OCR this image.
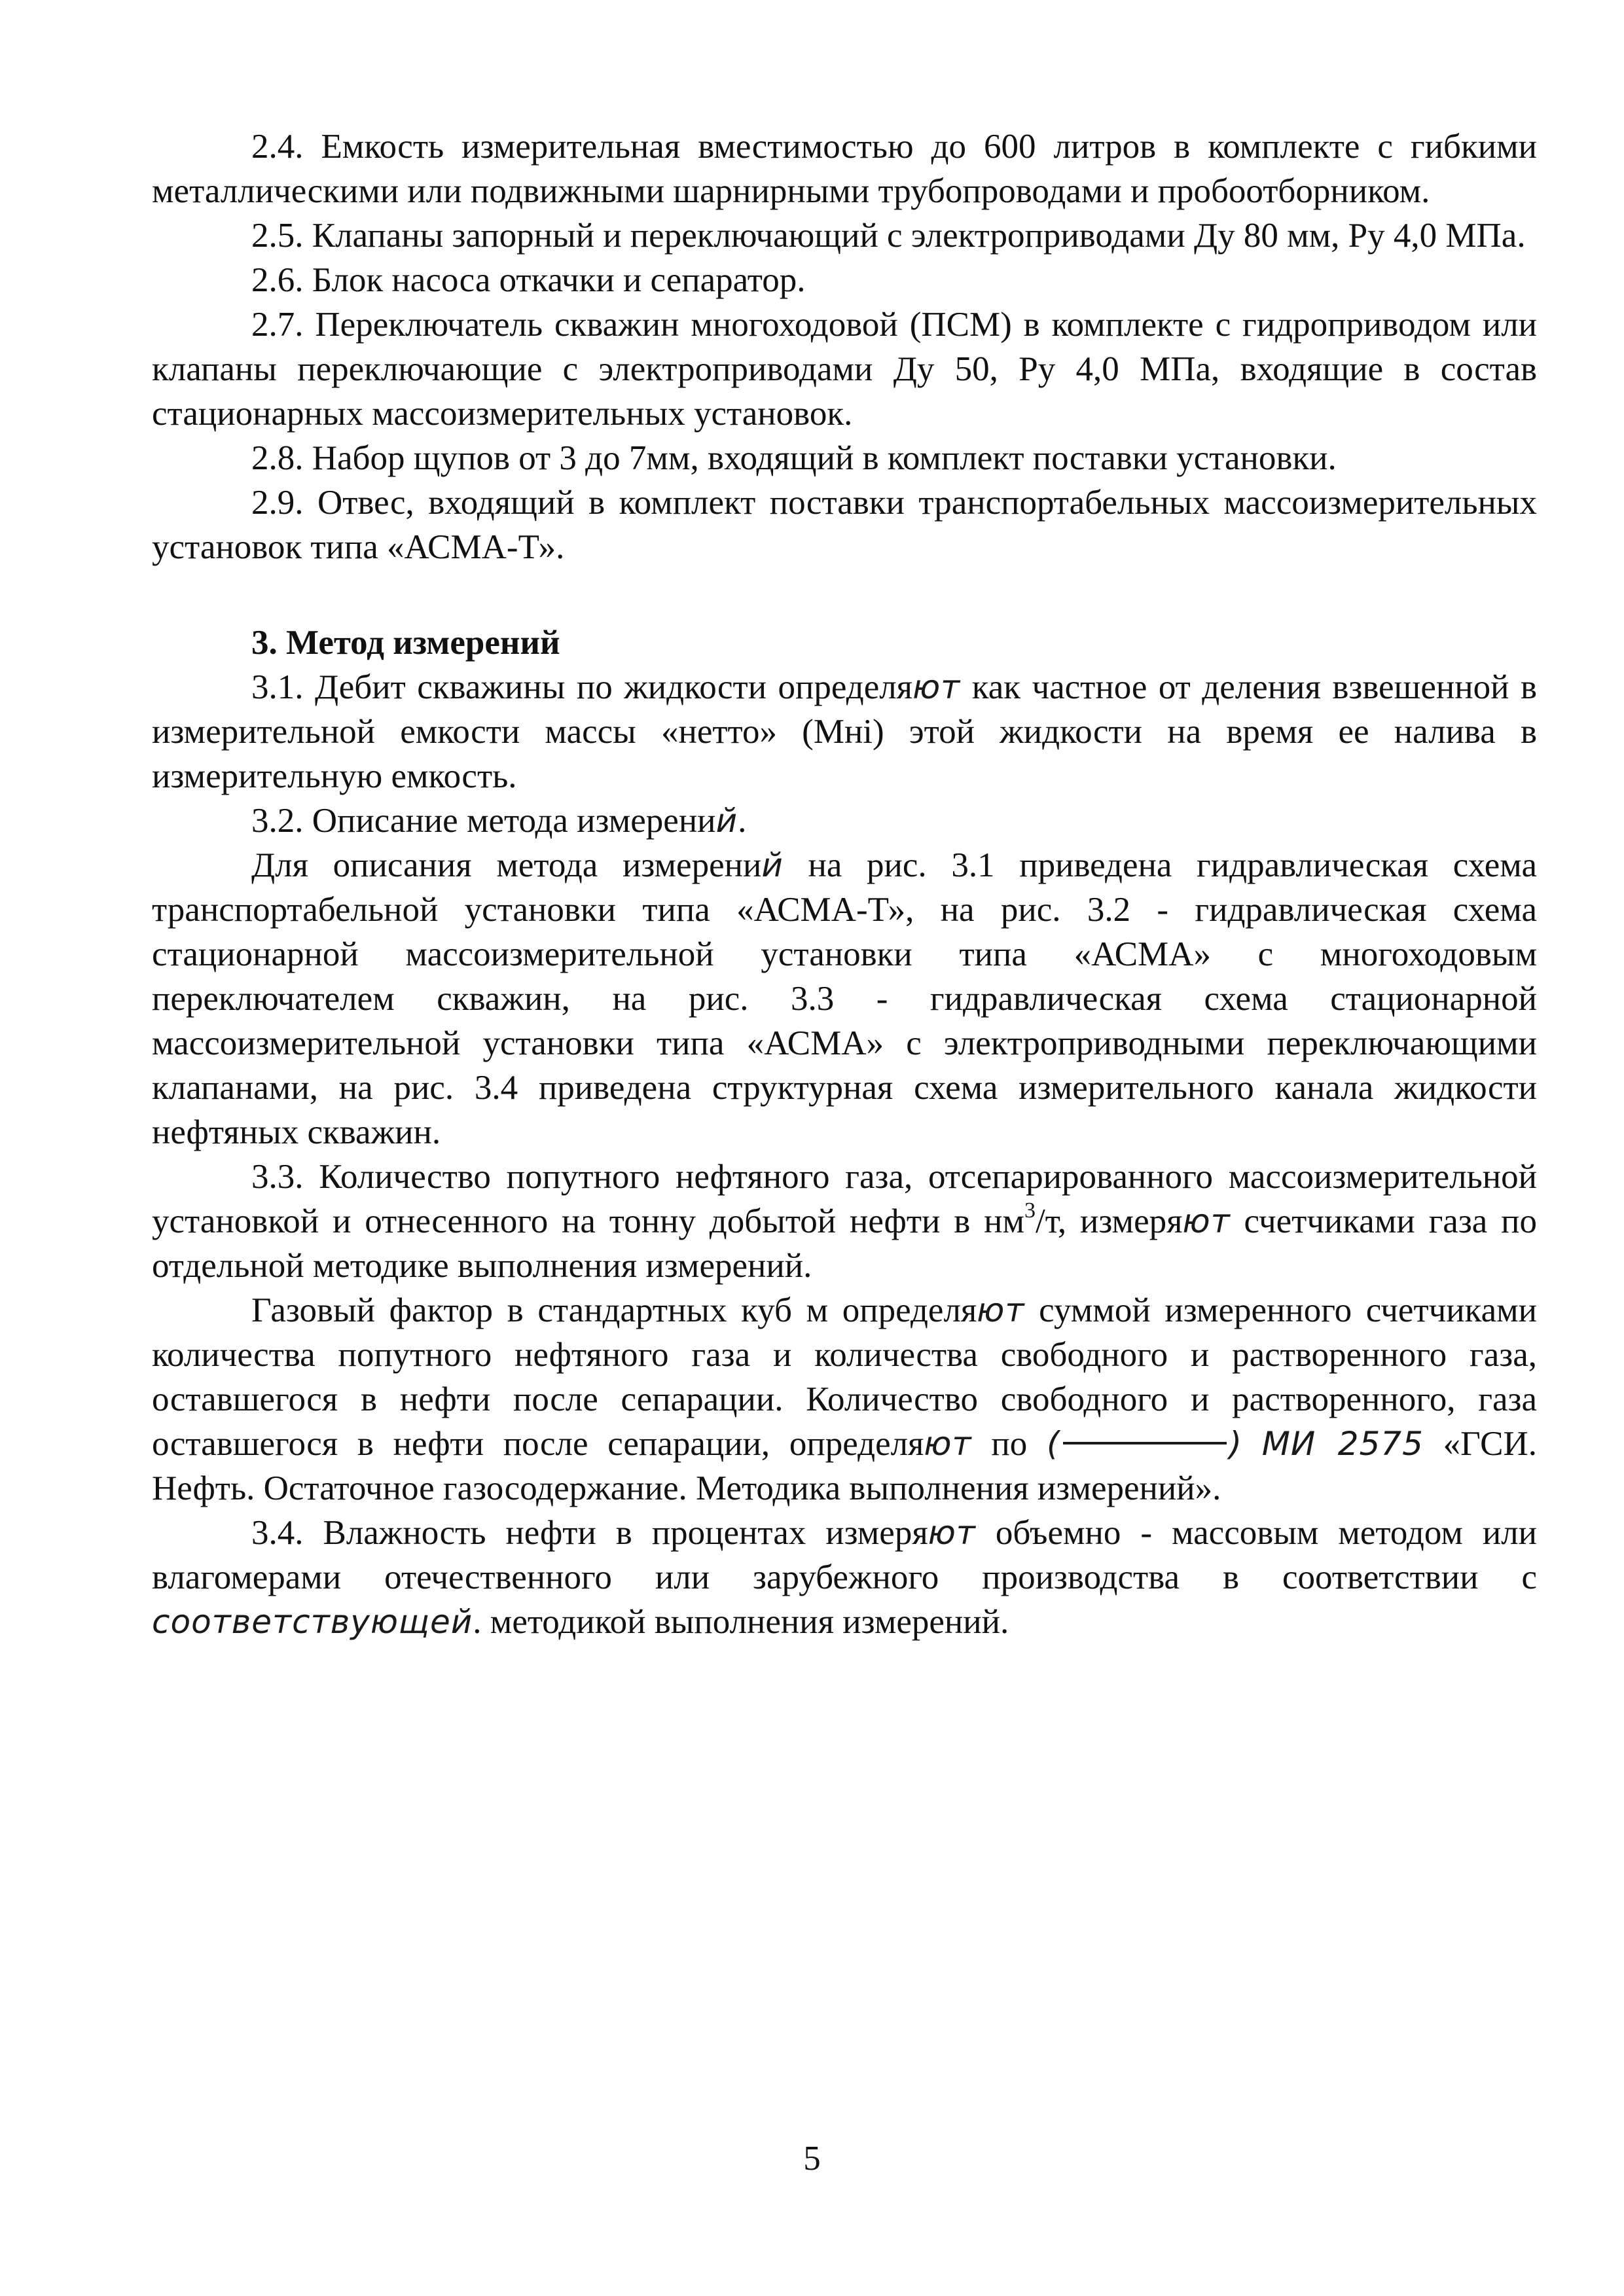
2.4. Емкость измерительная вместимостью до 600 литров в комплекте с гибкими металлическими или подвижными шарнирными трубопроводами и пробоотборником.

2.5. Клапаны запорный и переключающий с электроприводами Ду 80 мм, Ру 4,0 МПа.

2.6. Блок насоса откачки и сепаратор.

2.7. Переключатель скважин многоходовой (ПСМ) в комплекте с гидроприводом или клапаны переключающие с электроприводами Ду 50, Ру 4,0 МПа, входящие в состав стационарных массоизмерительных установок.

2.8. Набор щупов от 3 до 7мм, входящий в комплект поставки установки.

2.9. Отвес, входящий в комплект поставки транспортабельных массоизмерительных установок типа «АСМА-Т».

3. Метод измерений

3.1. Дебит скважины по жидкости определяют как частное от деления взвешенной в измерительной емкости массы «нетто» (Мні) этой жидкости на время ее налива в измерительную емкость.

3.2. Описание метода измерений.

Для описания метода измерений на рис. 3.1 приведена гидравлическая схема транспортабельной установки типа «АСМА-Т», на рис. 3.2 - гидравлическая схема стационарной массоизмерительной установки типа «АСМА» с многоходовым переключателем скважин, на рис. 3.3 - гидравлическая схема стационарной массоизмерительной установки типа «АСМА» с электроприводными переключающими клапанами, на рис. 3.4 приведена структурная схема измерительного канала жидкости нефтяных скважин.

3.3. Количество попутного нефтяного газа, отсепарированного массоизмерительной установкой и отнесенного на тонну добытой нефти в $нм^3/т$, измеряют счетчиками газа по отдельной методике выполнения измерений.

Газовый фактор в стандартных куб м определяют суммой измеренного счетчиками количества попутного нефтяного газа и количества свободного и растворенного газа, оставшегося в нефти после сепарации. Количество свободного и растворенного, газа оставшегося в нефти после сепарации, определяют по (	) МИ 2575 «ГСИ. Нефть. Остаточное газосодержание. Методика выполнения измерений».

3.4. Влажность нефти в процентах измеряют объемно - массовым методом или влагомерами отечественного или зарубежного производства в соответствии с соответствующей. методикой выполнения измерений.

5
